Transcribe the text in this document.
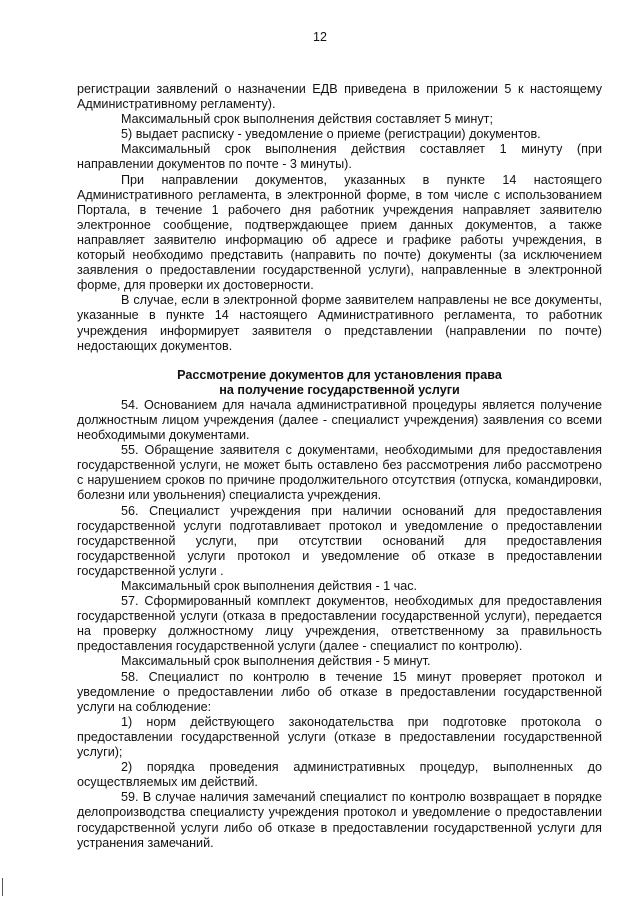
12

регистрации заявлений о назначении ЕДВ приведена в приложении 5 к настоящему Административному регламенту).

Максимальный срок выполнения действия составляет 5 минут;

5) выдает расписку - уведомление о приеме (регистрации) документов.

Максимальный срок выполнения действия составляет 1 минуту (при направлении документов по почте - 3 минуты).

При направлении документов, указанных в пункте 14 настоящего Административного регламента, в электронной форме, в том числе с использованием Портала, в течение 1 рабочего дня работник учреждения направляет заявителю электронное сообщение, подтверждающее прием данных документов, а также направляет заявителю информацию об адресе и графике работы учреждения, в который необходимо представить (направить по почте) документы (за исключением заявления о предоставлении государственной услуги), направленные в электронной форме, для проверки их достоверности.

В случае, если в электронной форме заявителем направлены не все документы, указанные в пункте 14 настоящего Административного регламента, то работник учреждения информирует заявителя о представлении (направлении по почте) недостающих документов.

Рассмотрение документов для установления права
на получение государственной услуги

54. Основанием для начала административной процедуры является получение должностным лицом учреждения (далее - специалист учреждения) заявления со всеми необходимыми документами.

55. Обращение заявителя с документами, необходимыми для предоставления государственной услуги, не может быть оставлено без рассмотрения либо рассмотрено с нарушением сроков по причине продолжительного отсутствия (отпуска, командировки, болезни или увольнения) специалиста учреждения.

56. Специалист учреждения при наличии оснований для предоставления государственной услуги подготавливает протокол и уведомление о предоставлении государственной услуги, при отсутствии оснований для предоставления государственной услуги протокол и уведомление об отказе в предоставлении государственной услуги .

Максимальный срок выполнения действия - 1 час.

57. Сформированный комплект документов, необходимых для предоставления государственной услуги (отказа в предоставлении государственной услуги), передается на проверку должностному лицу учреждения, ответственному за правильность предоставления государственной услуги (далее - специалист по контролю).

Максимальный срок выполнения действия - 5 минут.

58. Специалист по контролю в течение 15 минут проверяет протокол и уведомление о предоставлении либо об отказе в предоставлении государственной услуги на соблюдение:

1) норм действующего законодательства при подготовке протокола о предоставлении государственной услуги (отказе в предоставлении государственной услуги);

2) порядка проведения административных процедур, выполненных до осуществляемых им действий.

59. В случае наличия замечаний специалист по контролю возвращает в порядке делопроизводства специалисту учреждения протокол и уведомление о предоставлении государственной услуги либо об отказе в предоставлении государственной услуги для устранения замечаний.
